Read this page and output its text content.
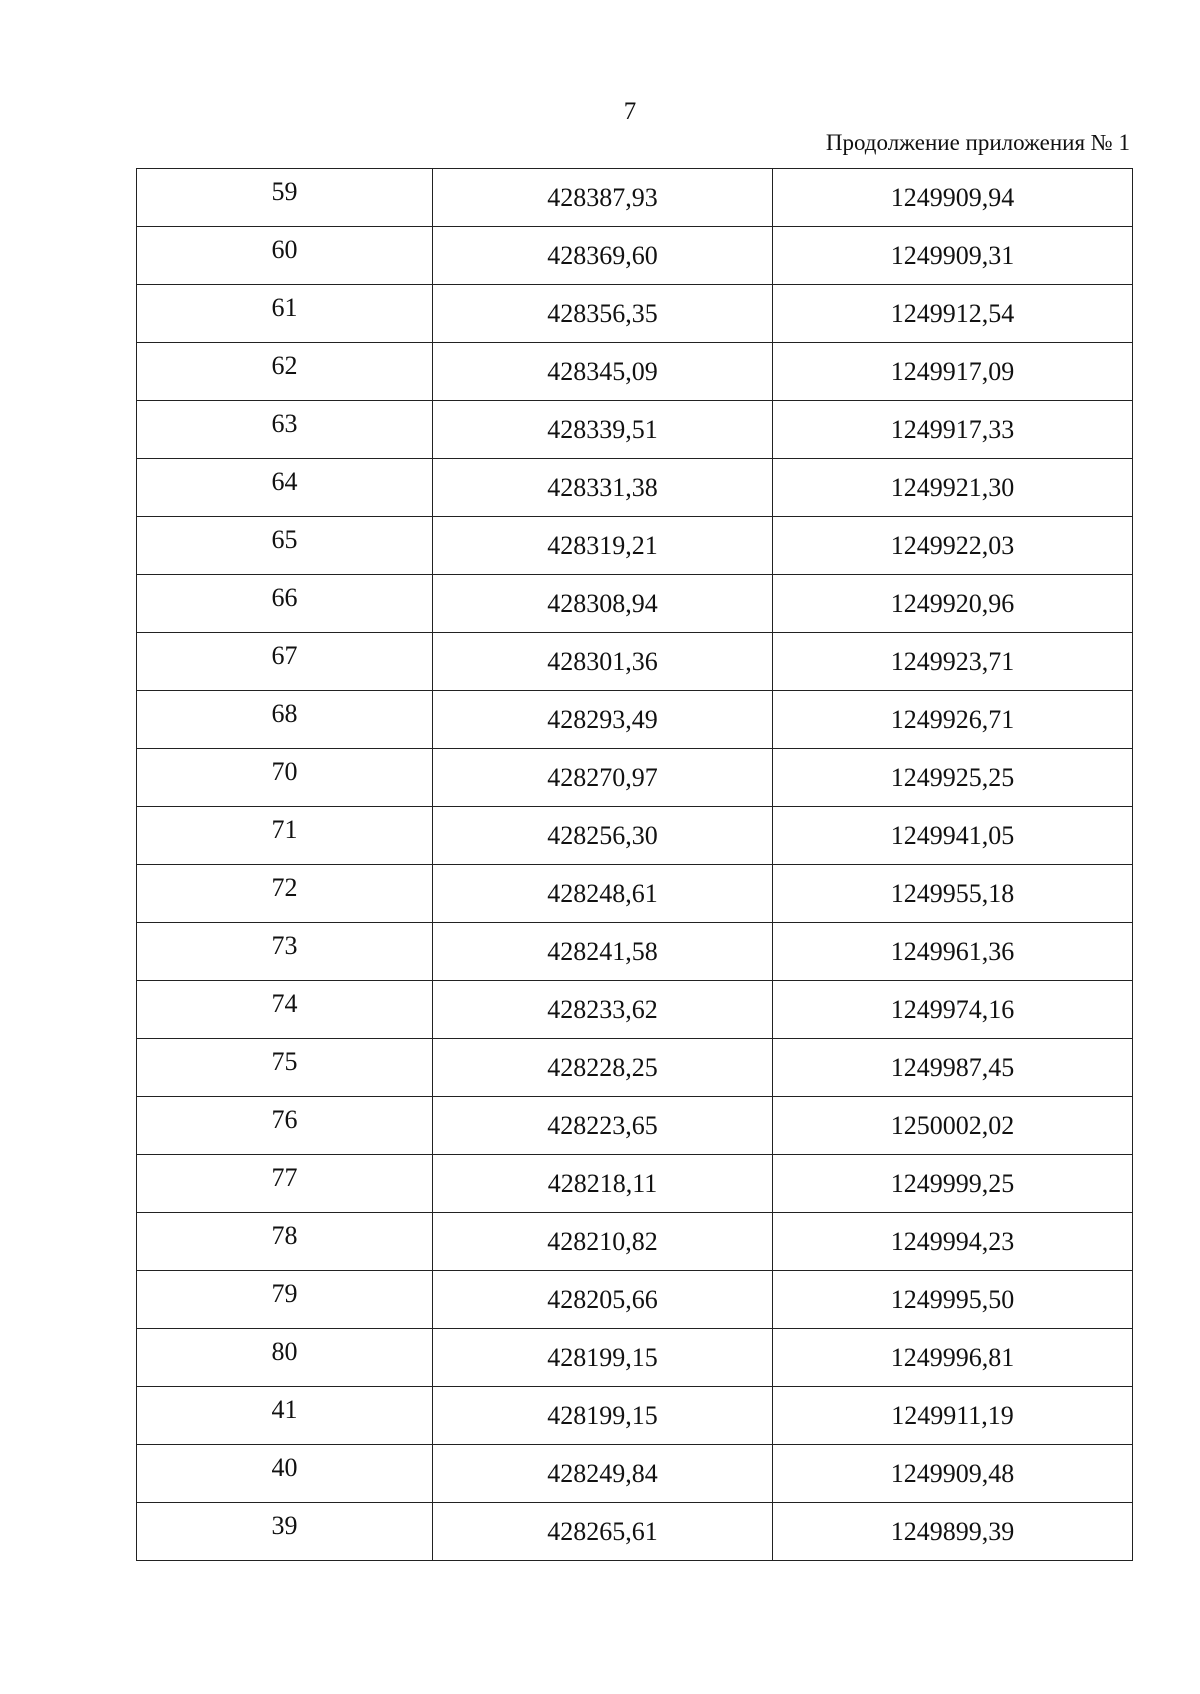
7
Продолжение приложения № 1
59	428387,93	1249909,94
60	428369,60	1249909,31
61	428356,35	1249912,54
62	428345,09	1249917,09
63	428339,51	1249917,33
64	428331,38	1249921,30
65	428319,21	1249922,03
66	428308,94	1249920,96
67	428301,36	1249923,71
68	428293,49	1249926,71
70	428270,97	1249925,25
71	428256,30	1249941,05
72	428248,61	1249955,18
73	428241,58	1249961,36
74	428233,62	1249974,16
75	428228,25	1249987,45
76	428223,65	1250002,02
77	428218,11	1249999,25
78	428210,82	1249994,23
79	428205,66	1249995,50
80	428199,15	1249996,81
41	428199,15	1249911,19
40	428249,84	1249909,48
39	428265,61	1249899,39
